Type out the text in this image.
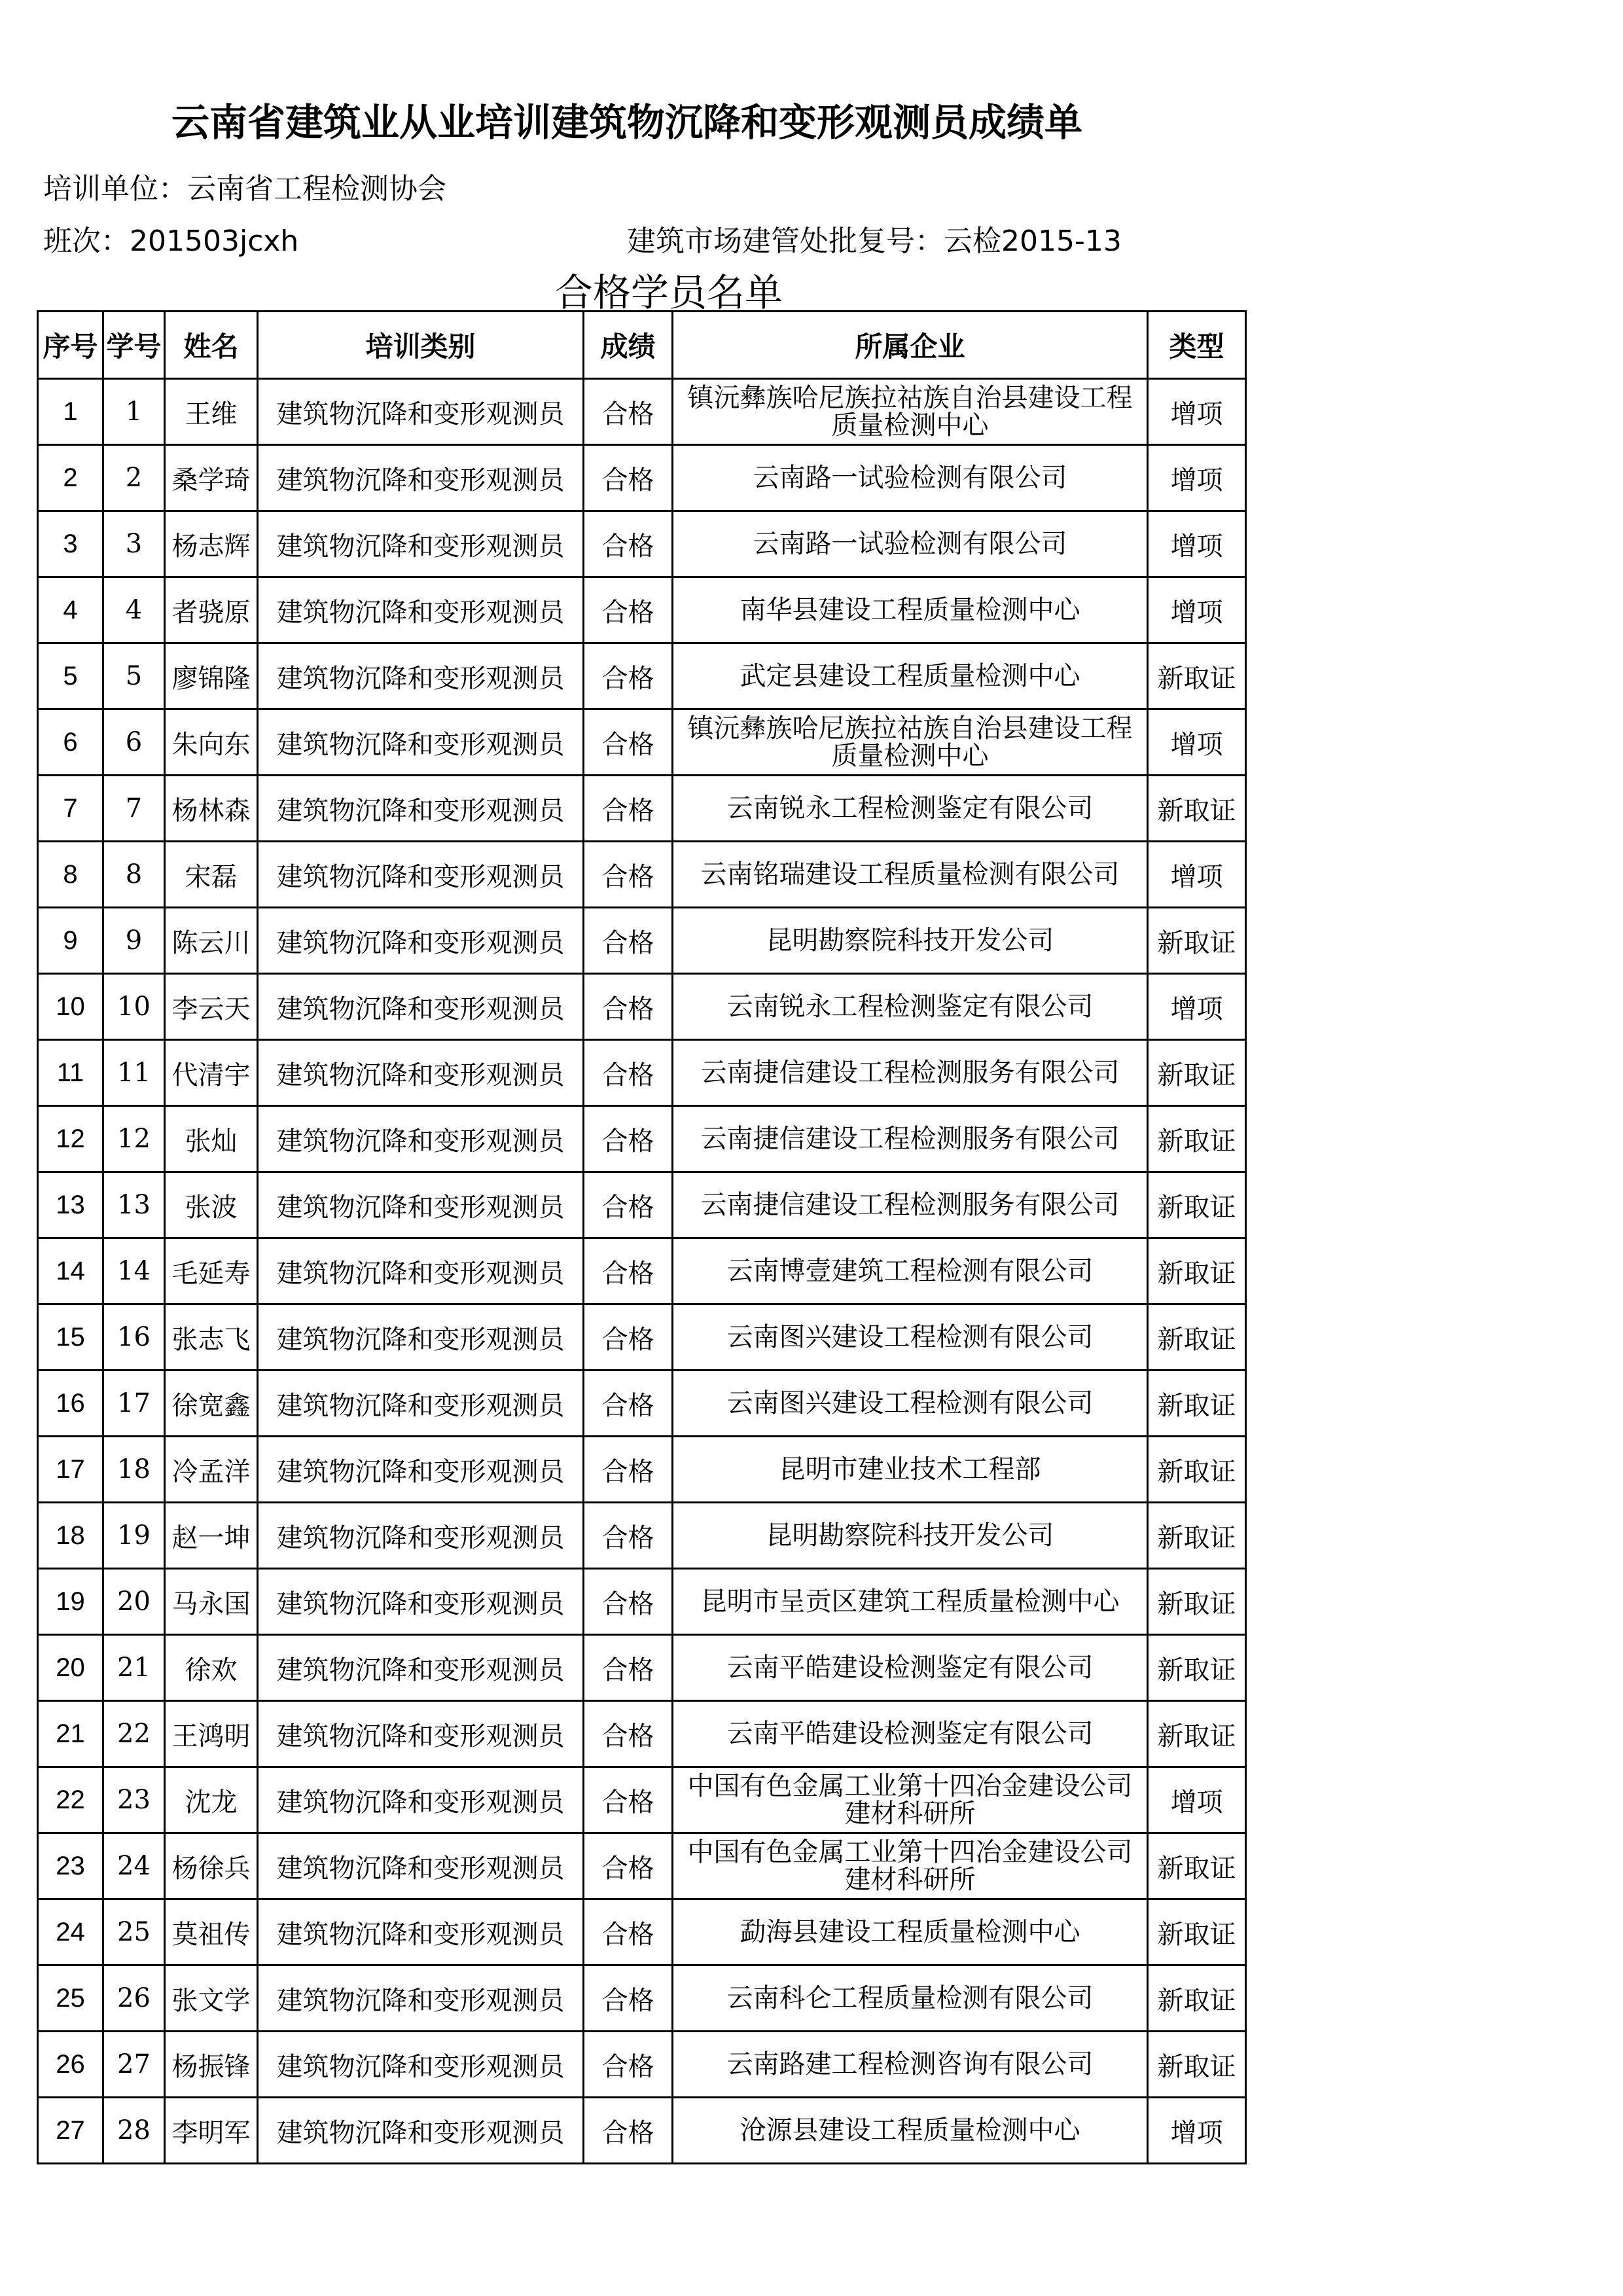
云南省建筑业从业培训建筑物沉降和变形观测员成绩单
培训单位：云南省工程检测协会
班次：201503jcxh	建筑市场建管处批复号：云检2015-13
合格学员名单
序号	学号	姓名	培训类别	成绩	所属企业	类型
1	1	王维	建筑物沉降和变形观测员	合格	镇沅彝族哈尼族拉祜族自治县建设工程
质量检测中心	增项
2	2	桑学琦	建筑物沉降和变形观测员	合格	云南路一试验检测有限公司	增项
3	3	杨志辉	建筑物沉降和变形观测员	合格	云南路一试验检测有限公司	增项
4	4	者骁原	建筑物沉降和变形观测员	合格	南华县建设工程质量检测中心	增项
5	5	廖锦隆	建筑物沉降和变形观测员	合格	武定县建设工程质量检测中心	新取证
6	6	朱向东	建筑物沉降和变形观测员	合格	镇沅彝族哈尼族拉祜族自治县建设工程
质量检测中心	增项
7	7	杨林森	建筑物沉降和变形观测员	合格	云南锐永工程检测鉴定有限公司	新取证
8	8	宋磊	建筑物沉降和变形观测员	合格	云南铭瑞建设工程质量检测有限公司	增项
9	9	陈云川	建筑物沉降和变形观测员	合格	昆明勘察院科技开发公司	新取证
10	10	李云天	建筑物沉降和变形观测员	合格	云南锐永工程检测鉴定有限公司	增项
11	11	代清宇	建筑物沉降和变形观测员	合格	云南捷信建设工程检测服务有限公司	新取证
12	12	张灿	建筑物沉降和变形观测员	合格	云南捷信建设工程检测服务有限公司	新取证
13	13	张波	建筑物沉降和变形观测员	合格	云南捷信建设工程检测服务有限公司	新取证
14	14	毛延寿	建筑物沉降和变形观测员	合格	云南博壹建筑工程检测有限公司	新取证
15	16	张志飞	建筑物沉降和变形观测员	合格	云南图兴建设工程检测有限公司	新取证
16	17	徐宽鑫	建筑物沉降和变形观测员	合格	云南图兴建设工程检测有限公司	新取证
17	18	冷孟洋	建筑物沉降和变形观测员	合格	昆明市建业技术工程部	新取证
18	19	赵一坤	建筑物沉降和变形观测员	合格	昆明勘察院科技开发公司	新取证
19	20	马永国	建筑物沉降和变形观测员	合格	昆明市呈贡区建筑工程质量检测中心	新取证
20	21	徐欢	建筑物沉降和变形观测员	合格	云南平皓建设检测鉴定有限公司	新取证
21	22	王鸿明	建筑物沉降和变形观测员	合格	云南平皓建设检测鉴定有限公司	新取证
22	23	沈龙	建筑物沉降和变形观测员	合格	中国有色金属工业第十四冶金建设公司
建材科研所	增项
23	24	杨徐兵	建筑物沉降和变形观测员	合格	中国有色金属工业第十四冶金建设公司
建材科研所	新取证
24	25	莫祖传	建筑物沉降和变形观测员	合格	勐海县建设工程质量检测中心	新取证
25	26	张文学	建筑物沉降和变形观测员	合格	云南科仑工程质量检测有限公司	新取证
26	27	杨振锋	建筑物沉降和变形观测员	合格	云南路建工程检测咨询有限公司	新取证
27	28	李明军	建筑物沉降和变形观测员	合格	沧源县建设工程质量检测中心	增项
